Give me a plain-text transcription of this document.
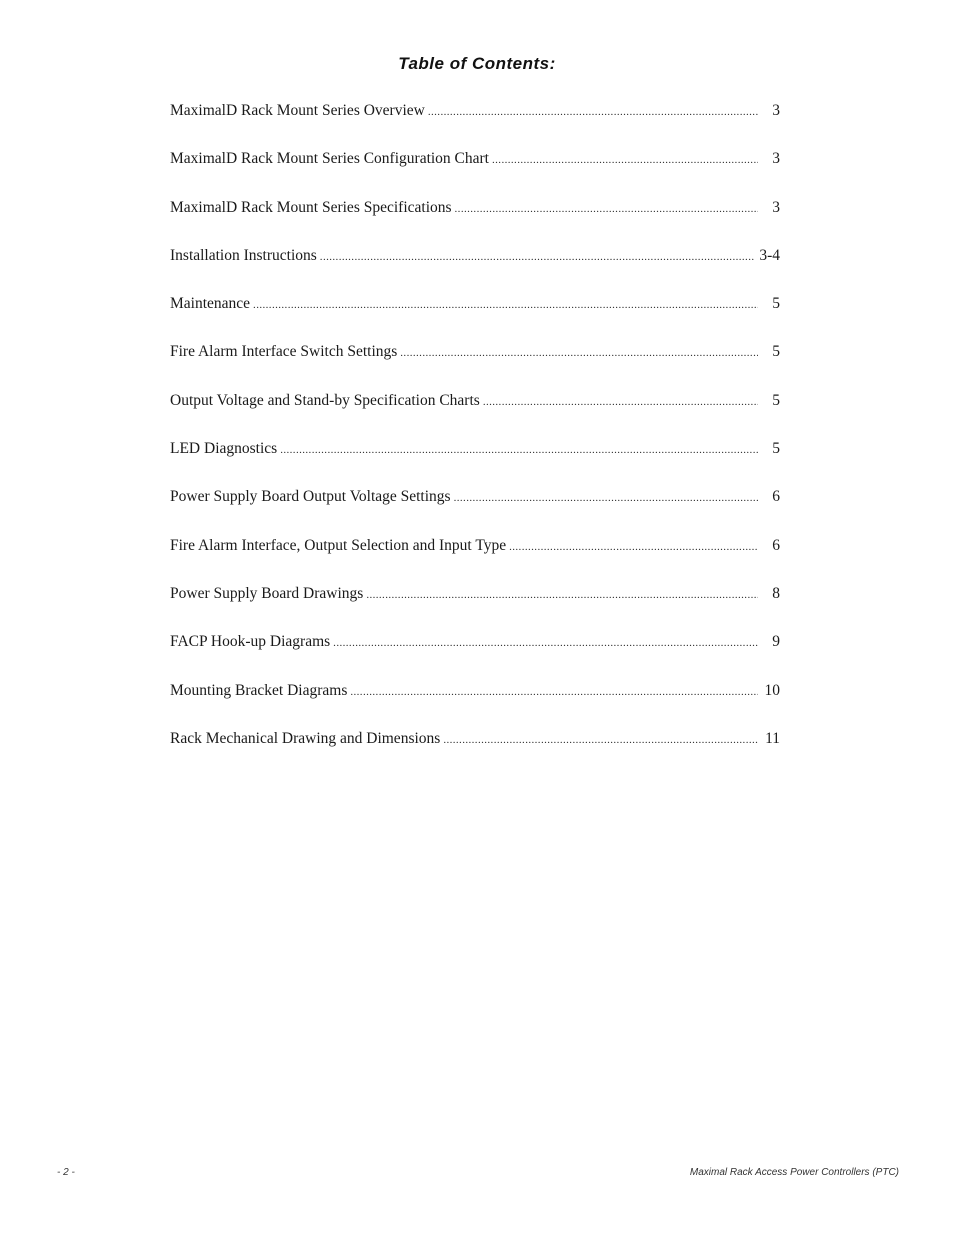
Table of Contents:
MaximalD Rack Mount Series Overview .....	3
MaximalD Rack Mount Series Configuration Chart .....	3
MaximalD Rack Mount Series Specifications .....	3
Installation Instructions .....	3-4
Maintenance .....	5
Fire Alarm Interface Switch Settings .....	5
Output Voltage and Stand-by Specification Charts .....	5
LED Diagnostics .....	5
Power Supply Board Output Voltage Settings .....	6
Fire Alarm Interface, Output Selection and Input Type .....	6
Power Supply Board Drawings .....	8
FACP Hook-up Diagrams .....	9
Mounting Bracket Diagrams .....	10
Rack Mechanical Drawing and Dimensions .....	11
- 2 -	Maximal Rack Access Power Controllers (PTC)
